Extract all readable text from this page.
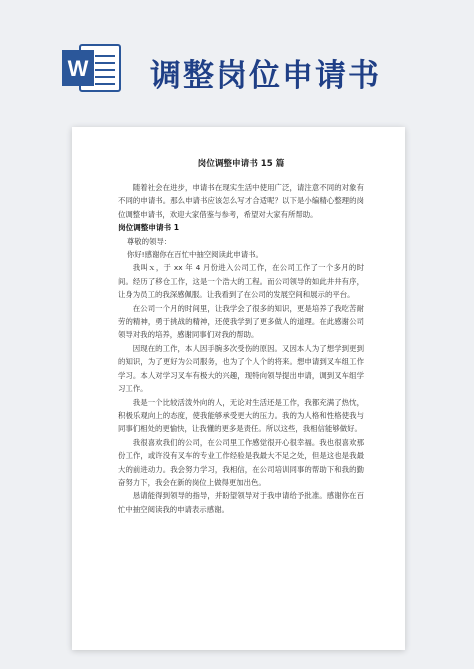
W 调整岗位申请书
岗位调整申请书 15 篇

随着社会在进步，申请书在现实生活中使用广泛，请注意不同的对象有不同的申请书。那么申请书应该怎么写才合适呢？以下是小编精心整理的岗位调整申请书，欢迎大家借鉴与参考，希望对大家有所帮助。

岗位调整申请书 1

尊敬的领导：

你好!感谢你在百忙中抽空阅读此申请书。

我叫ｘ，于 xx 年 4 月份进入公司工作，在公司工作了一个多月的时间。经历了移仓工作，这是一个浩大的工程。而公司领导的如此井井有序，让身为员工的我深感佩服。让我看到了在公司的发展空间和展示的平台。

在公司一个月的时间里，让我学会了很多的知识，更是培养了我吃苦耐劳的精神，勇于挑战的精神，还使我学到了更多做人的道理。在此感谢公司领导对我的培养，感谢同事们对我的帮助。

因现在的工作，本人因手腕多次受伤的原因。又因本人为了想学到更到的知识，为了更好为公司服务，也为了个人个的将来。想申请到叉车组工作学习。本人对学习叉车有极大的兴趣，现特向领导提出申请，调到叉车组学习工作。

我是一个比较活泼外向的人，无论对生活还是工作，我都充满了热忱，积极乐观向上的态度，使我能够承受更大的压力。我的为人格和性格使我与同事们相处的更愉快，让我懂的更多是责任。所以这些，我相信能够做好。

我很喜欢我们的公司，在公司里工作感觉很开心很幸福。我也很喜欢那份工作，或许没有叉车的专业工作经验是我最大不足之处，但是这也是我最大的前进动力。我会努力学习，我相信，在公司培训同事的帮助下和我的勤奋努力下，我会在新的岗位上做得更加出色。

恳请能得到领导的指导，并盼望领导对于我申请给予批准。感谢你在百忙中抽空阅读我的申请表示感谢。
